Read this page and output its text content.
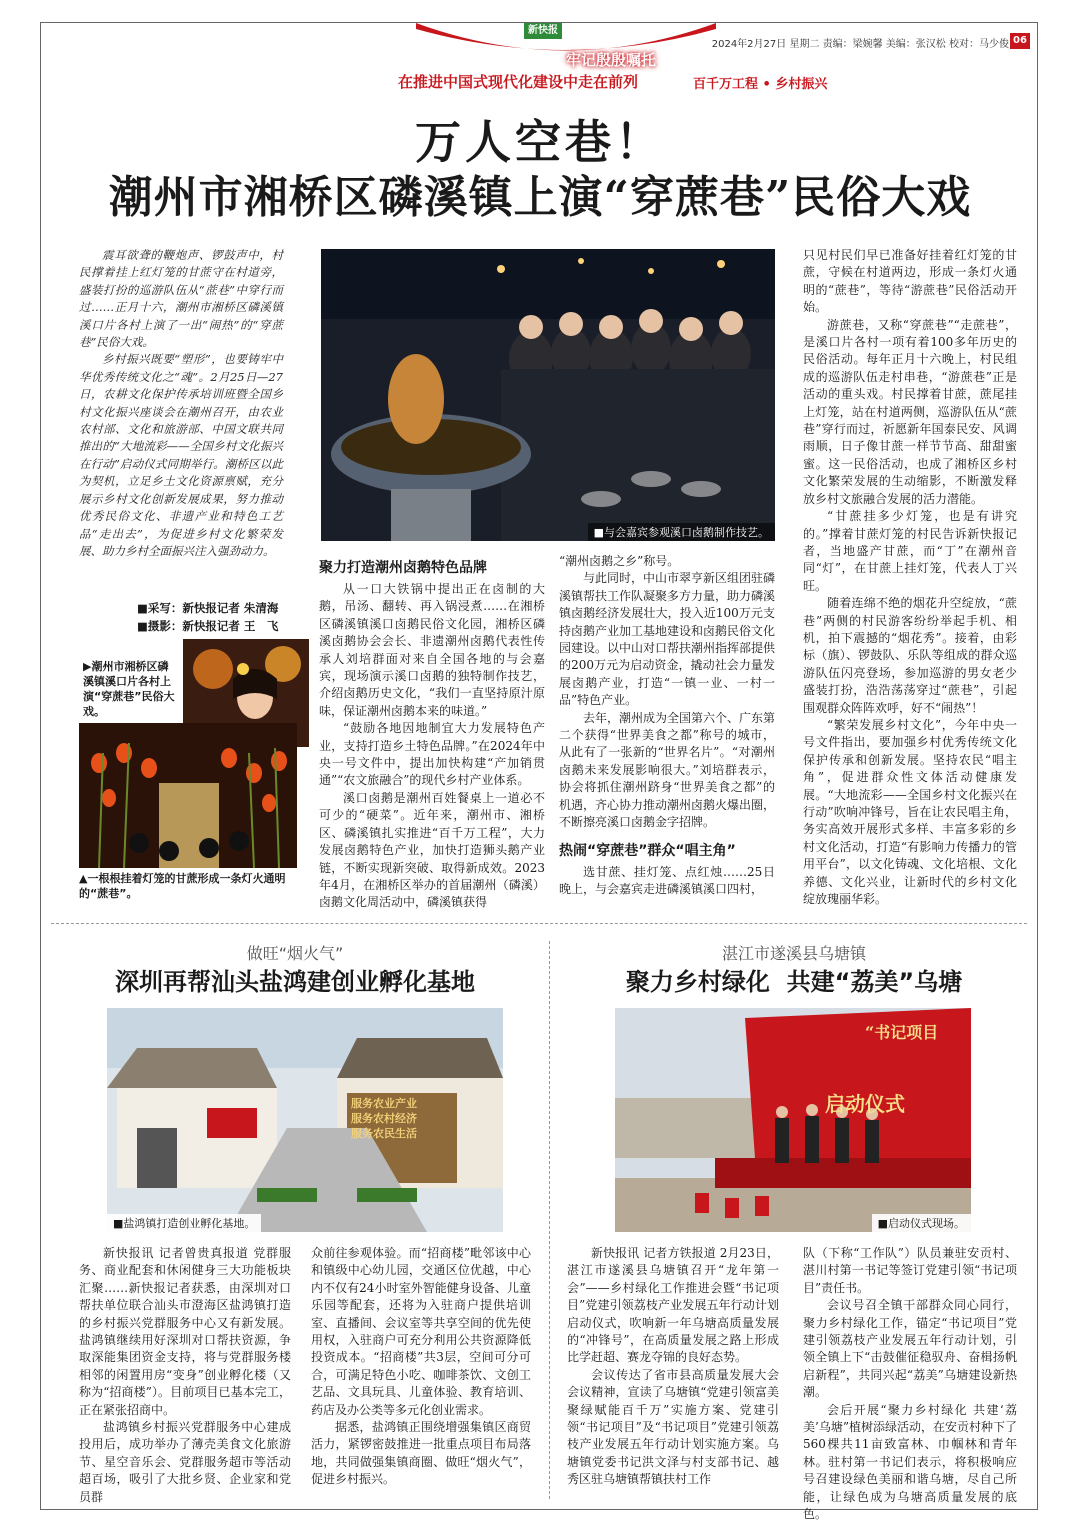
新快报
2024年2月27日 星期二 责编：梁婉馨 美编：张汉松 校对：马少俊 06
牢记殷殷嘱托
在推进中国式现代化建设中走在前列	百千万工程 • 乡村振兴
万人空巷！
潮州市湘桥区磷溪镇上演“穿蔗巷”民俗大戏

震耳欲聋的鞭炮声、锣鼓声中，村民撑着挂上红灯笼的甘蔗守在村道旁，盛装打扮的巡游队伍从“蔗巷”中穿行而过……正月十六，潮州市湘桥区磷溪镇溪口片各村上演了一出“闹热”的“穿蔗巷”民俗大戏。

乡村振兴既要“塑形”，也要铸牢中华优秀传统文化之“魂”。2月25日—27日，农耕文化保护传承培训班暨全国乡村文化振兴座谈会在潮州召开，由农业农村部、文化和旅游部、中国文联共同推出的“大地流彩——全国乡村文化振兴在行动”启动仪式同期举行。潮桥区以此为契机，立足乡土文化资源禀赋，充分展示乡村文化创新发展成果，努力推动优秀民俗文化、非遗产业和特色工艺品“走出去”，为促进乡村文化繁荣发展、助力乡村全面振兴注入强劲动力。

■采写：新快报记者 朱清海
■摄影：新快报记者 王　飞
▶潮州市湘桥区磷溪镇溪口片各村上演“穿蔗巷”民俗大戏。
▲一根根挂着灯笼的甘蔗形成一条灯火通明的“蔗巷”。
■与会嘉宾参观溪口卤鹅制作技艺。
聚力打造潮州卤鹅特色品牌

从一口大铁锅中提出正在卤制的大鹅，吊汤、翻转、再入锅浸煮……在湘桥区磷溪镇溪口卤鹅民俗文化园，湘桥区磷溪卤鹅协会会长、非遗潮州卤鹅代表性传承人刘培群面对来自全国各地的与会嘉宾，现场演示溪口卤鹅的独特制作技艺，介绍卤鹅历史文化，“我们一直坚持原汁原味，保证潮州卤鹅本来的味道。”

“鼓励各地因地制宜大力发展特色产业，支持打造乡土特色品牌。”在2024年中央一号文件中，提出加快构建“产加销贯通”“农文旅融合”的现代乡村产业体系。

溪口卤鹅是潮州百姓餐桌上一道必不可少的“硬菜”。近年来，潮州市、湘桥区、磷溪镇扎实推进“百千万工程”，大力发展卤鹅特色产业，加快打造狮头鹅产业链，不断实现新突破、取得新成效。2023年4月，在湘桥区举办的首届潮州（磷溪）卤鹅文化周活动中，磷溪镇获得

“潮州卤鹅之乡”称号。

与此同时，中山市翠亨新区组团驻磷溪镇帮扶工作队凝聚多方力量，助力磷溪镇卤鹅经济发展壮大，投入近100万元支持卤鹅产业加工基地建设和卤鹅民俗文化园建设。以中山对口帮扶潮州指挥部提供的200万元为启动资金，撬动社会力量发展卤鹅产业，打造“一镇一业、一村一品”特色产业。

去年，潮州成为全国第六个、广东第二个获得“世界美食之都”称号的城市，从此有了一张新的“世界名片”。“对潮州卤鹅未来发展影响很大。”刘培群表示，协会将抓住潮州跻身“世界美食之都”的机遇，齐心协力推动潮州卤鹅火爆出圈，不断擦亮溪口卤鹅金字招牌。

热闹“穿蔗巷”群众“唱主角”

选甘蔗、挂灯笼、点红烛……25日晚上，与会嘉宾走进磷溪镇溪口四村，

只见村民们早已准备好挂着红灯笼的甘蔗，守候在村道两边，形成一条灯火通明的“蔗巷”，等待“游蔗巷”民俗活动开始。

游蔗巷，又称“穿蔗巷”“走蔗巷”，是溪口片各村一项有着100多年历史的民俗活动。每年正月十六晚上，村民组成的巡游队伍走村串巷，“游蔗巷”正是活动的重头戏。村民撑着甘蔗，蔗尾挂上灯笼，站在村道两侧，巡游队伍从“蔗巷”穿行而过，祈愿新年国泰民安、风调雨顺，日子像甘蔗一样节节高、甜甜蜜蜜。这一民俗活动，也成了湘桥区乡村文化繁荣发展的生动缩影，不断激发释放乡村文旅融合发展的活力潜能。

“甘蔗挂多少灯笼，也是有讲究的。”撑着甘蔗灯笼的村民告诉新快报记者，当地盛产甘蔗，而“丁”在潮州音同“灯”，在甘蔗上挂灯笼，代表人丁兴旺。

随着连绵不绝的烟花升空绽放，“蔗巷”两侧的村民游客纷纷举起手机、相机，拍下震撼的“烟花秀”。接着，由彩标（旗）、锣鼓队、乐队等组成的群众巡游队伍闪亮登场，参加巡游的男女老少盛装打扮，浩浩荡荡穿过“蔗巷”，引起围观群众阵阵欢呼，好不“闹热”！

“繁荣发展乡村文化”，今年中央一号文件指出，要加强乡村优秀传统文化保护传承和创新发展。坚持农民“唱主角”，促进群众性文体活动健康发展。“大地流彩——全国乡村文化振兴在行动”吹响冲锋号，旨在让农民唱主角，务实高效开展形式多样、丰富多彩的乡村文化活动，打造“有影响力传播力的管用平台”，以文化铸魂、文化培根、文化养德、文化兴业，让新时代的乡村文化绽放瑰丽华彩。

做旺“烟火气”
深圳再帮汕头盐鸿建创业孵化基地
服务农业产业
服务农村经济
服务农民生活
■盐鸿镇打造创业孵化基地。

新快报讯 记者曾贵真报道 党群服务、商业配套和休闲健身三大功能板块汇聚……新快报记者获悉，由深圳对口帮扶单位联合汕头市澄海区盐鸿镇打造的乡村振兴党群服务中心又有新发展。盐鸿镇继续用好深圳对口帮扶资源，争取深能集团资金支持，将与党群服务楼相邻的闲置用房“变身”创业孵化楼（又称为“招商楼”）。目前项目已基本完工，正在紧张招商中。

盐鸿镇乡村振兴党群服务中心建成投用后，成功举办了薄壳美食文化旅游节、星空音乐会、党群服务超市等活动超百场，吸引了大批乡贤、企业家和党员群

众前往参观体验。而“招商楼”毗邻该中心和镇级中心幼儿园，交通区位优越，中心内不仅有24小时室外智能健身设备、儿童乐园等配套，还将为入驻商户提供培训室、直播间、会议室等共享空间的优先使用权，入驻商户可充分利用公共资源降低投资成本。“招商楼”共3层，空间可分可合，可满足特色小吃、咖啡茶饮、文创工艺品、文具玩具、儿童体验、教育培训、药店及办公类等多元化创业需求。

据悉，盐鸿镇正围绕增强集镇区商贸活力，紧锣密鼓推进一批重点项目布局落地，共同做强集镇商圈、做旺“烟火气”，促进乡村振兴。

湛江市遂溪县乌塘镇
聚力乡村绿化  共建“荔美”乌塘
“书记项目
启动仪式
■启动仪式现场。

新快报讯 记者方铁报道 2月23日，湛江市遂溪县乌塘镇召开“龙年第一会”——乡村绿化工作推进会暨“书记项目”党建引领荔枝产业发展五年行动计划启动仪式，吹响新一年乌塘高质量发展的“冲锋号”，在高质量发展之路上形成比学赶超、赛龙夺锦的良好态势。

会议传达了省市县高质量发展大会会议精神，宣读了乌塘镇“党建引领富美 聚绿赋能百千万”实施方案、党建引领“书记项目”及“书记项目”党建引领荔枝产业发展五年行动计划实施方案。乌塘镇党委书记洪文泽与村支部书记、越秀区驻乌塘镇帮镇扶村工作

队（下称“工作队”）队员兼驻安贡村、湛川村第一书记等签订党建引领“书记项目”责任书。

会议号召全镇干部群众同心同行，聚力乡村绿化工作，锚定“书记项目”党建引领荔枝产业发展五年行动计划，引领全镇上下“击鼓催征稳驭舟、奋楫扬帆启新程”，共同兴起“荔美”乌塘建设新热潮。

会后开展“聚力乡村绿化 共建‘荔美’乌塘”植树添绿活动，在安贡村种下了560棵共11亩致富林、巾帼林和青年林。驻村第一书记们表示，将积极响应号召建设绿色美丽和谐乌塘，尽自己所能，让绿色成为乌塘高质量发展的底色。
